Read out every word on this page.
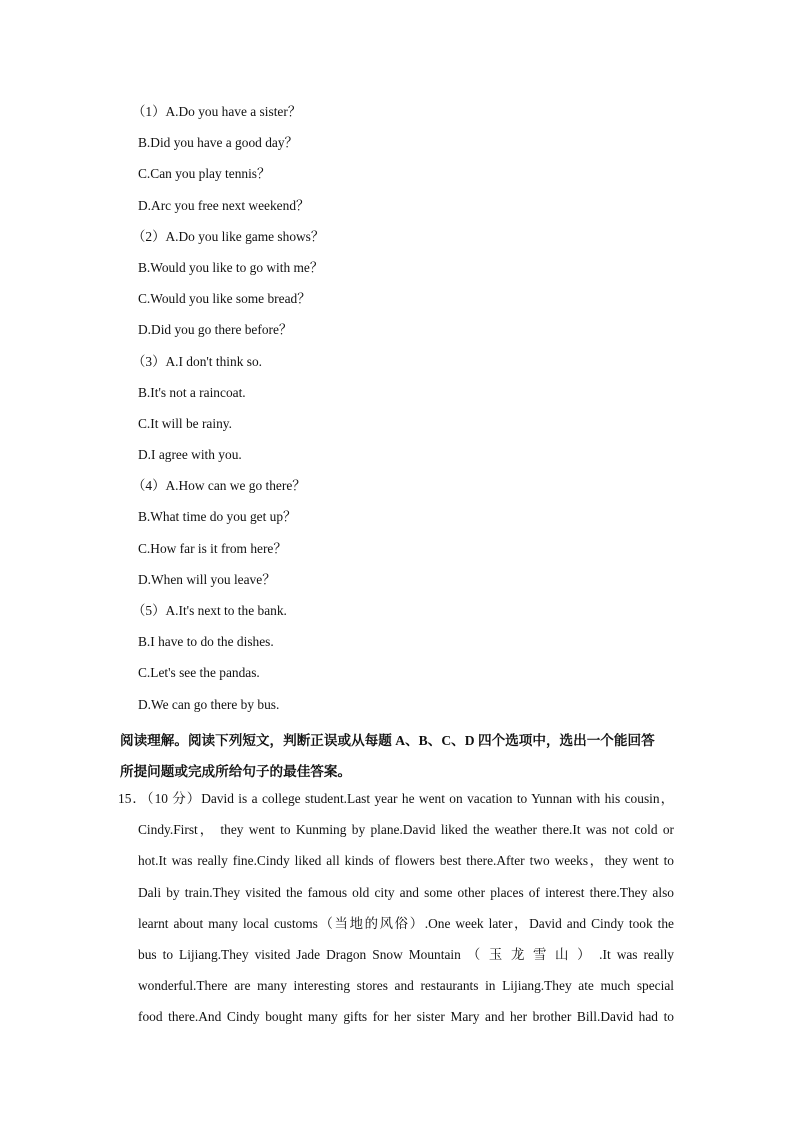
（1）A.Do you have a sister？
B.Did you have a good day？
C.Can you play tennis？
D.Arc you free next weekend？
（2）A.Do you like game shows？
B.Would you like to go with me？
C.Would you like some bread？
D.Did you go there before？
（3）A.I don't think so.
B.It's not a raincoat.
C.It will be rainy.
D.I agree with you.
（4）A.How can we go there？
B.What time do you get up？
C.How far is it from here？
D.When will you leave？
（5）A.It's next to the bank.
B.I have to do the dishes.
C.Let's see the pandas.
D.We can go there by bus.
阅读理解。阅读下列短文，判断正误或从每题 A、B、C、D 四个选项中，选出一个能回答
所提问题或完成所给句子的最佳答案。
15．（10 分）David is a college student.Last year he went on vacation to Yunnan with his cousin，
Cindy.First， they went to Kunming by plane.David liked the weather there.It was not cold or
hot.It was really fine.Cindy liked all kinds of flowers best there.After two weeks，they went to
Dali by train.They visited the famous old city and some other places of interest there.They also
learnt about many local customs（当地的风俗）.One week later，David and Cindy took the
bus to Lijiang.They visited Jade Dragon Snow Mountain （ 玉 龙 雪 山 ） .It was really
wonderful.There are many interesting stores and restaurants in Lijiang.They ate much special
food there.And Cindy bought many gifts for her sister Mary and her brother Bill.David had to
